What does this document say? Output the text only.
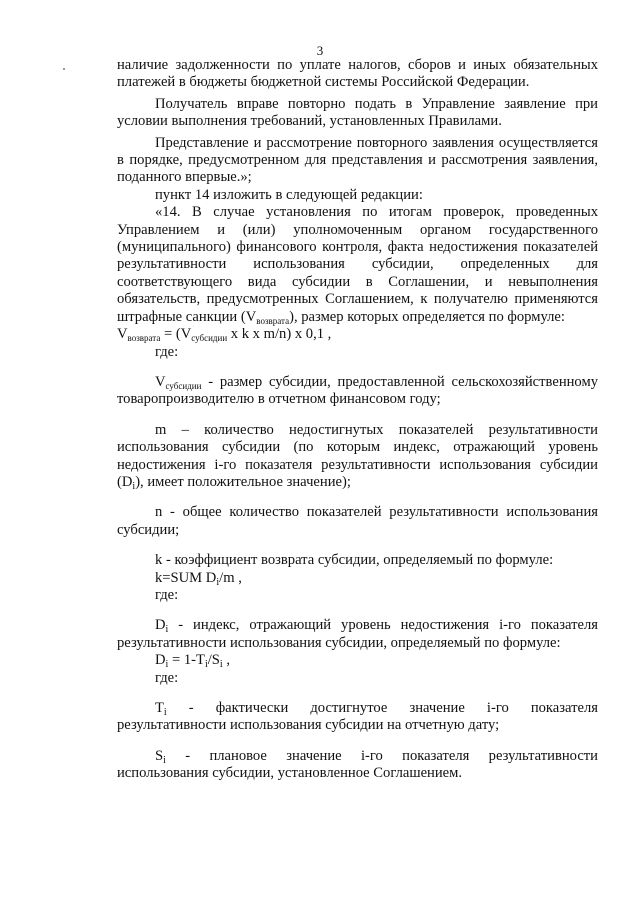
3

наличие задолженности по уплате налогов, сборов и иных обязательных платежей в бюджеты бюджетной системы Российской Федерации.

Получатель вправе повторно подать в Управление заявление при условии выполнения требований, установленных Правилами.

Представление и рассмотрение повторного заявления осуществляется в порядке, предусмотренном для представления и рассмотрения заявления, поданного впервые.»;

пункт 14 изложить в следующей редакции:

«14. В случае установления по итогам проверок, проведенных Управлением и (или) уполномоченным органом государственного (муниципального) финансового контроля, факта недостижения показателей результативности использования субсидии, определенных для соответствующего вида субсидии в Соглашении, и невыполнения обязательств, предусмотренных Соглашением, к получателю применяются штрафные санкции $(V_{возврата})$, размер которых определяется по формуле:

$V_{возврата} = (V_{субсидии}$ x k x m/n) x 0,1 ,

где:

$V_{субсидии}$ - размер субсидии, предоставленной сельскохозяйственному товаропроизводителю в отчетном финансовом году;

m – количество недостигнутых показателей результативности использования субсидии (по которым индекс, отражающий уровень недостижения i-го показателя результативности использования субсидии $(D_i)$, имеет положительное значение);

n - общее количество показателей результативности использования субсидии;

k - коэффициент возврата субсидии, определяемый по формуле:

k=SUM $D_i/m$ ,

где:

$D_i$ - индекс, отражающий уровень недостижения i-го показателя результативности использования субсидии, определяемый по формуле:

$D_i = 1-T_i/S_i$ ,

где:

$T_i$ - фактически достигнутое значение i-го показателя результативности использования субсидии на отчетную дату;

$S_i$ - плановое значение i-го показателя результативности использования субсидии, установленное Соглашением.
